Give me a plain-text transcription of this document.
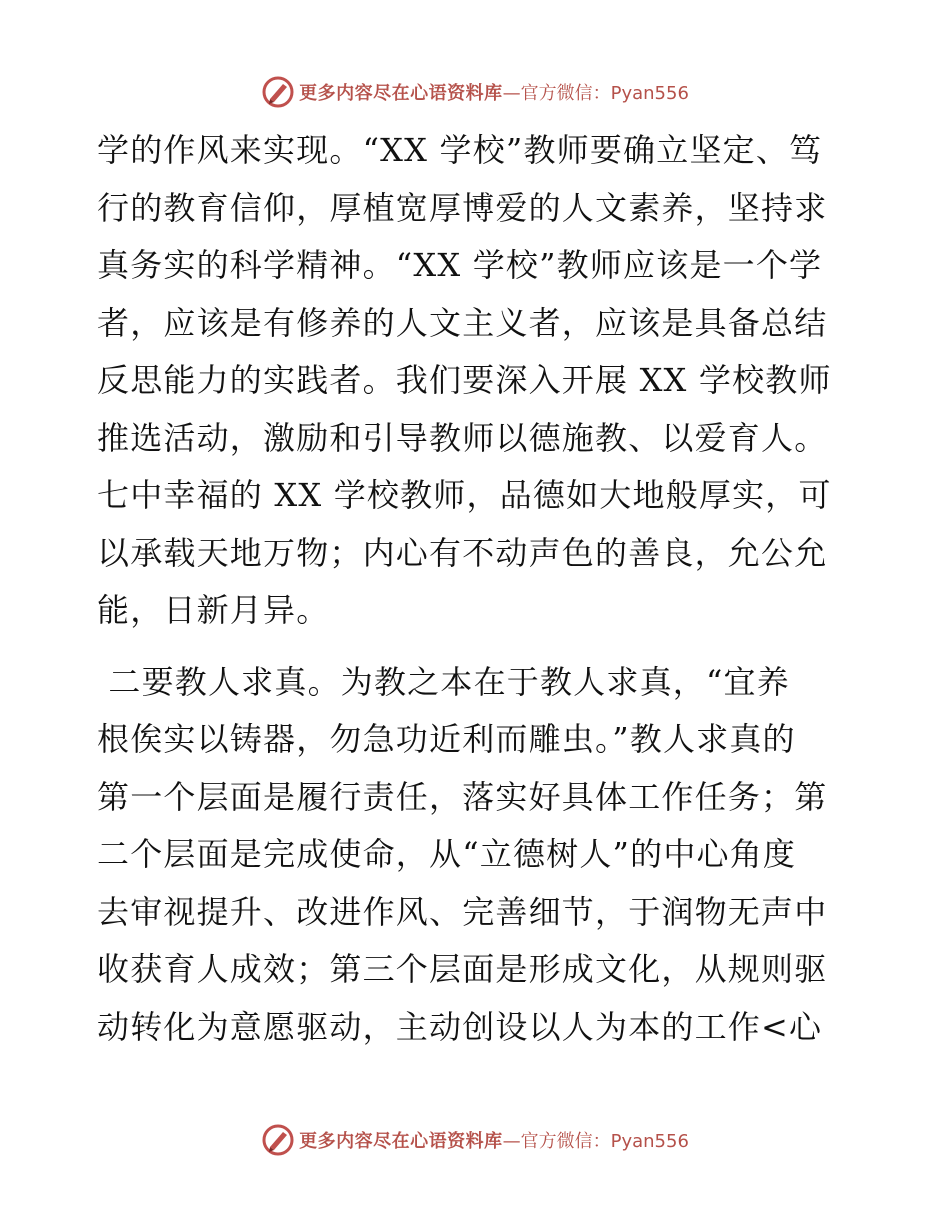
更多内容尽在心语资料库 —官方微信：Pyan556
学的作风来实现。“XX 学校”教师要确立坚定、笃
行的教育信仰，厚植宽厚博爱的人文素养，坚持求
真务实的科学精神。“XX 学校”教师应该是一个学
者，应该是有修养的人文主义者，应该是具备总结
反思能力的实践者。我们要深入开展 XX 学校教师
推选活动，激励和引导教师以德施教、以爱育人。
七中幸福的 XX 学校教师，品德如大地般厚实，可
以承载天地万物；内心有不动声色的善良，允公允
能，日新月异。
二要教人求真。为教之本在于教人求真，“宜养
根俟实以铸器，勿急功近利而雕虫。”教人求真的
第一个层面是履行责任，落实好具体工作任务；第
二个层面是完成使命，从“立德树人”的中心角度
去审视提升、改进作风、完善细节，于润物无声中
收获育人成效；第三个层面是形成文化，从规则驱
动转化为意愿驱动，主动创设以人为本的工作<心
更多内容尽在心语资料库 —官方微信：Pyan556
